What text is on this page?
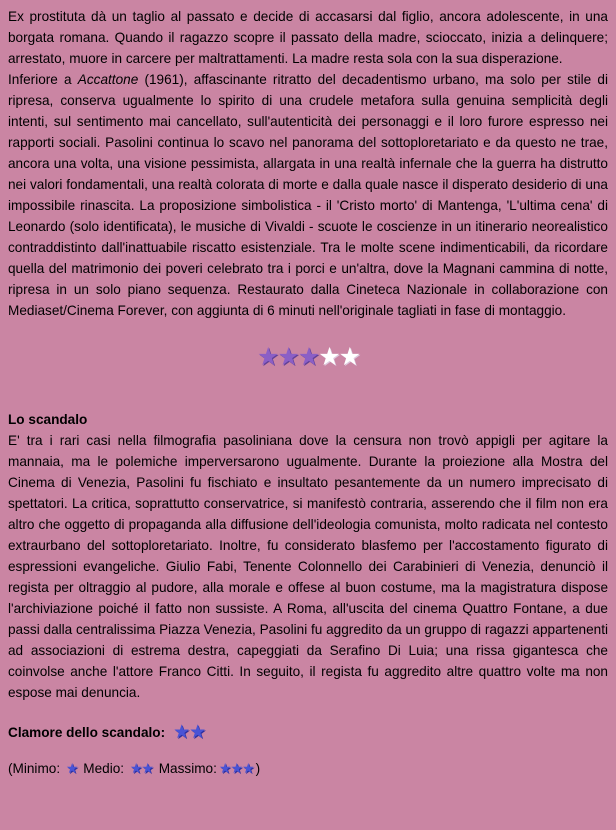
Ex prostituta dà un taglio al passato e decide di accasarsi dal figlio, ancora adolescente, in una borgata romana. Quando il ragazzo scopre il passato della madre, scioccato, inizia a delinquere; arrestato, muore in carcere per maltrattamenti. La madre resta sola con la sua disperazione.

Inferiore a Accattone (1961), affascinante ritratto del decadentismo urbano, ma solo per stile di ripresa, conserva ugualmente lo spirito di una crudele metafora sulla genuina semplicità degli intenti, sul sentimento mai cancellato, sull'autenticità dei personaggi e il loro furore espresso nei rapporti sociali. Pasolini continua lo scavo nel panorama del sottoploretariato e da questo ne trae, ancora una volta, una visione pessimista, allargata in una realtà infernale che la guerra ha distrutto nei valori fondamentali, una realtà colorata di morte e dalla quale nasce il disperato desiderio di una impossibile rinascita. La proposizione simbolistica - il 'Cristo morto' di Mantenga, 'L'ultima cena' di Leonardo (solo identificata), le musiche di Vivaldi - scuote le coscienze in un itinerario neorealistico contraddistinto dall'inattuabile riscatto esistenziale. Tra le molte scene indimenticabili, da ricordare quella del matrimonio dei poveri celebrato tra i porci e un'altra, dove la Magnani cammina di notte, ripresa in un solo piano sequenza. Restaurato dalla Cineteca Nazionale in collaborazione con Mediaset/Cinema Forever, con aggiunta di 6 minuti nell'originale tagliati in fase di montaggio.

★★★★★
Lo scandalo

E' tra i rari casi nella filmografia pasoliniana dove la censura non trovò appigli per agitare la mannaia, ma le polemiche imperversarono ugualmente. Durante la proiezione alla Mostra del Cinema di Venezia, Pasolini fu fischiato e insultato pesantemente da un numero imprecisato di spettatori. La critica, soprattutto conservatrice, si manifestò contraria, asserendo che il film non era altro che oggetto di propaganda alla diffusione dell'ideologia comunista, molto radicata nel contesto extraurbano del sottoploretariato. Inoltre, fu considerato blasfemo per l'accostamento figurato di espressioni evangeliche. Giulio Fabi, Tenente Colonnello dei Carabinieri di Venezia, denunciò il regista per oltraggio al pudore, alla morale e offese al buon costume, ma la magistratura dispose l'archiviazione poiché il fatto non sussiste. A Roma, all'uscita del cinema Quattro Fontane, a due passi dalla centralissima Piazza Venezia, Pasolini fu aggredito da un gruppo di ragazzi appartenenti ad associazioni di estrema destra, capeggiati da Serafino Di Luia; una rissa gigantesca che coinvolse anche l'attore Franco Citti. In seguito, il regista fu aggredito altre quattro volte ma non espose mai denuncia.

Clamore dello scandalo: ★★
(Minimo: ★ Medio: ★★ Massimo: ★★★ )
